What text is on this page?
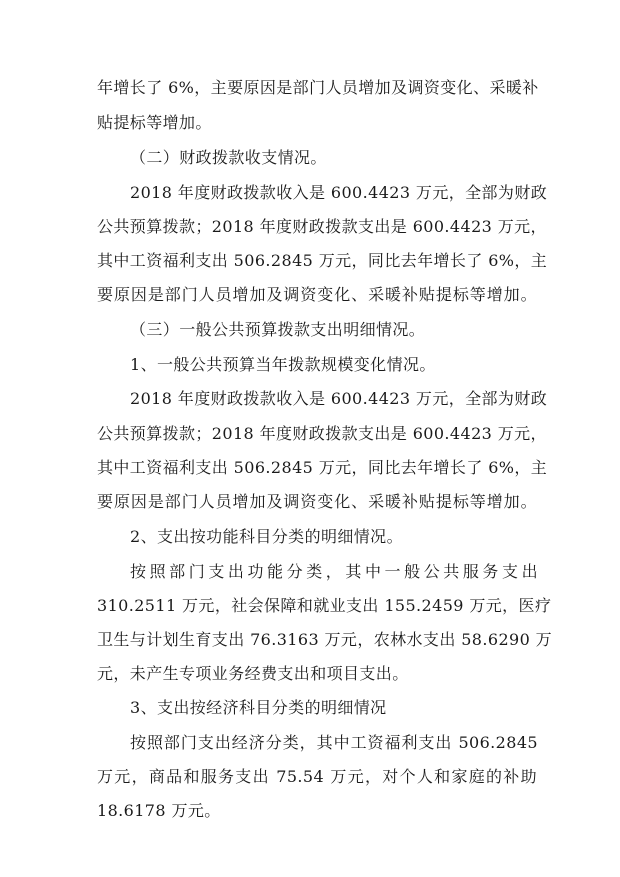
年增长了 6%，主要原因是部门人员增加及调资变化、采暖补
贴提标等增加。
（二）财政拨款收支情况。
2018 年度财政拨款收入是 600.4423 万元，全部为财政
公共预算拨款；2018 年度财政拨款支出是 600.4423 万元，
其中工资福利支出 506.2845 万元，同比去年增长了 6%，主
要原因是部门人员增加及调资变化、采暖补贴提标等增加。
（三）一般公共预算拨款支出明细情况。
1、一般公共预算当年拨款规模变化情况。
2018 年度财政拨款收入是 600.4423 万元，全部为财政
公共预算拨款；2018 年度财政拨款支出是 600.4423 万元，
其中工资福利支出 506.2845 万元，同比去年增长了 6%，主
要原因是部门人员增加及调资变化、采暖补贴提标等增加。
2、支出按功能科目分类的明细情况。
按照部门支出功能分类，其中一般公共服务支出
310.2511 万元，社会保障和就业支出 155.2459 万元，医疗
卫生与计划生育支出 76.3163 万元，农林水支出 58.6290 万
元，未产生专项业务经费支出和项目支出。
3、支出按经济科目分类的明细情况
按照部门支出经济分类，其中工资福利支出 506.2845
万元，商品和服务支出 75.54 万元，对个人和家庭的补助
18.6178 万元。
